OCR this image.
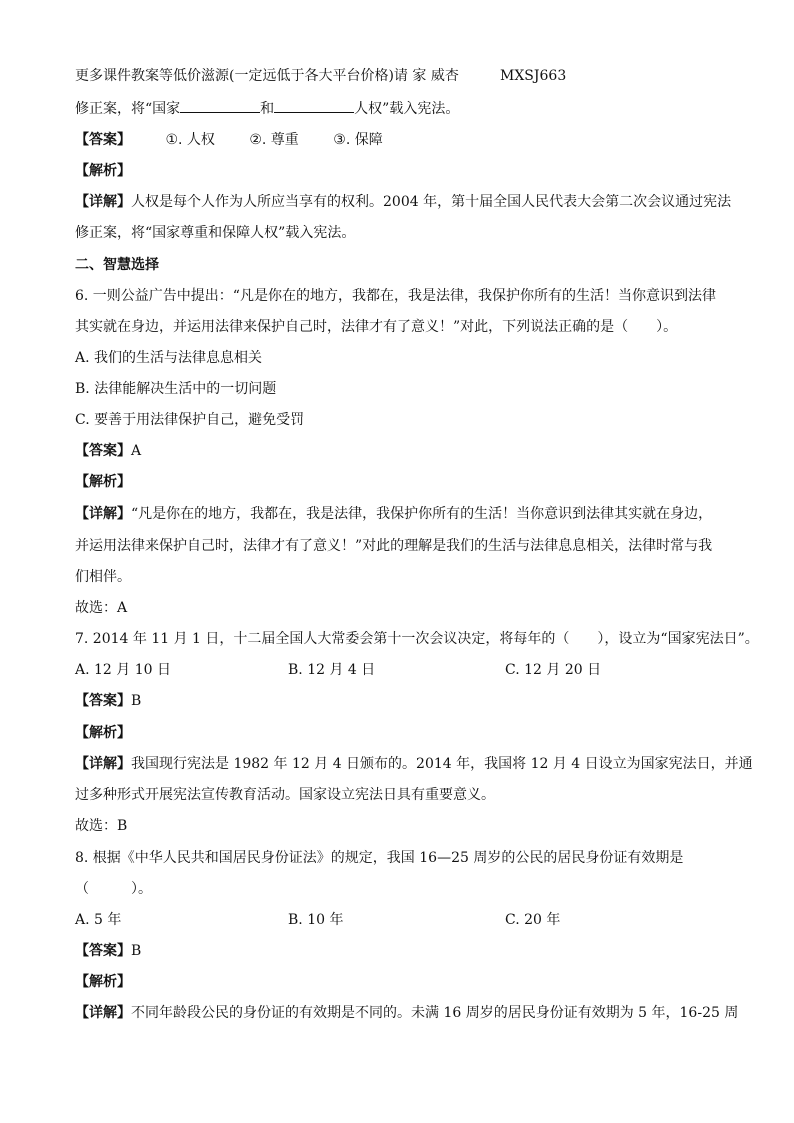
更多课件教案等低价滋源(一定远低于各大平台价格)请 家 威杏	MXSJ663
修正案，将“国家	和	人权”载入宪法。
【答案】 ①. 人权 ②. 尊重 ③. 保障
【解析】
【详解】人权是每个人作为人所应当享有的权利。2004 年，第十届全国人民代表大会第二次会议通过宪法
修正案，将“国家尊重和保障人权”载入宪法。
二、智慧选择
6. 一则公益广告中提出：“凡是你在的地方，我都在，我是法律，我保护你所有的生活！当你意识到法律
其实就在身边，并运用法律来保护自己时，法律才有了意义！”对此，下列说法正确的是（　　）。
A. 我们的生活与法律息息相关
B. 法律能解决生活中的一切问题
C. 要善于用法律保护自己，避免受罚
【答案】A
【解析】
【详解】“凡是你在的地方，我都在，我是法律，我保护你所有的生活！当你意识到法律其实就在身边，
并运用法律来保护自己时，法律才有了意义！”对此的理解是我们的生活与法律息息相关，法律时常与我
们相伴。
故选：A
7. 2014 年 11 月 1 日，十二届全国人大常委会第十一次会议决定，将每年的（　　），设立为“国家宪法日”。
A. 12 月 10 日	B. 12 月 4 日	C. 12 月 20 日
【答案】B
【解析】
【详解】我国现行宪法是 1982 年 12 月 4 日颁布的。2014 年，我国将 12 月 4 日设立为国家宪法日，并通
过多种形式开展宪法宣传教育活动。国家设立宪法日具有重要意义。
故选：B
8. 根据《中华人民共和国居民身份证法》的规定，我国 16—25 周岁的公民的居民身份证有效期是
（　　　）。
A. 5 年	B. 10 年	C. 20 年
【答案】B
【解析】
【详解】不同年龄段公民的身份证的有效期是不同的。未满 16 周岁的居民身份证有效期为 5 年，16-25 周
